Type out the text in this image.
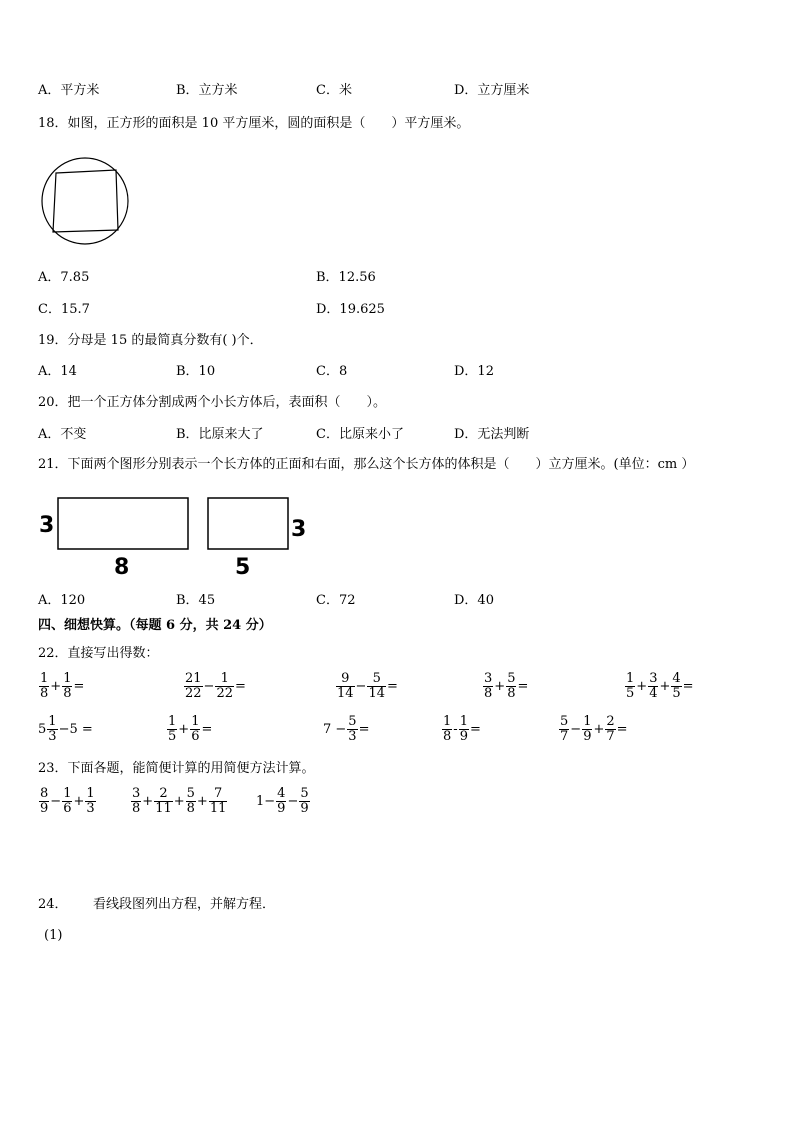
A．平方米	B．立方米	C．米	D．立方厘米
18．如图，正方形的面积是 10 平方厘米，圆的面积是（　　）平方厘米。
A．7.85	B．12.56
C．15.7	D．19.625
19．分母是 15 的最简真分数有( )个．
A．14	B．10	C．8	D．12
20．把一个正方体分割成两个小长方体后，表面积（　　）。
A．不变	B．比原来大了	C．比原来小了	D．无法判断
21．下面两个图形分别表示一个长方体的正面和右面，那么这个长方体的体积是（　　）立方厘米。(单位：cm ）
3
8
3
5
A．120	B．45	C．72	D．40
四、细想快算。（每题 6 分，共 24 分）
22．直接写出得数：
$\frac{1}{8} + \frac{1}{8}$ =	$\frac{21}{22} - \frac{1}{22}$ =	$\frac{9}{14} - \frac{5}{14}$ =	$\frac{3}{8} + \frac{5}{8}$ =	$\frac{1}{5} + \frac{3}{4} + \frac{4}{5}$ =
$5 \frac{1}{3} -5$ =	$\frac{1}{5} + \frac{1}{6}$ =	$7 - \frac{5}{3}$ =	$\frac{1}{8} - \frac{1}{9}$ =	$\frac{5}{7} - \frac{1}{9} + \frac{2}{7}$ =
23．下面各题，能简便计算的用简便方法计算。
$\frac{8}{9} - \frac{1}{6} + \frac{1}{3}$	$\frac{3}{8} + \frac{2}{11} + \frac{5}{8} + \frac{7}{11} 1- \frac{4}{9} - \frac{5}{9}$
24． 看线段图列出方程，并解方程．
(1)
